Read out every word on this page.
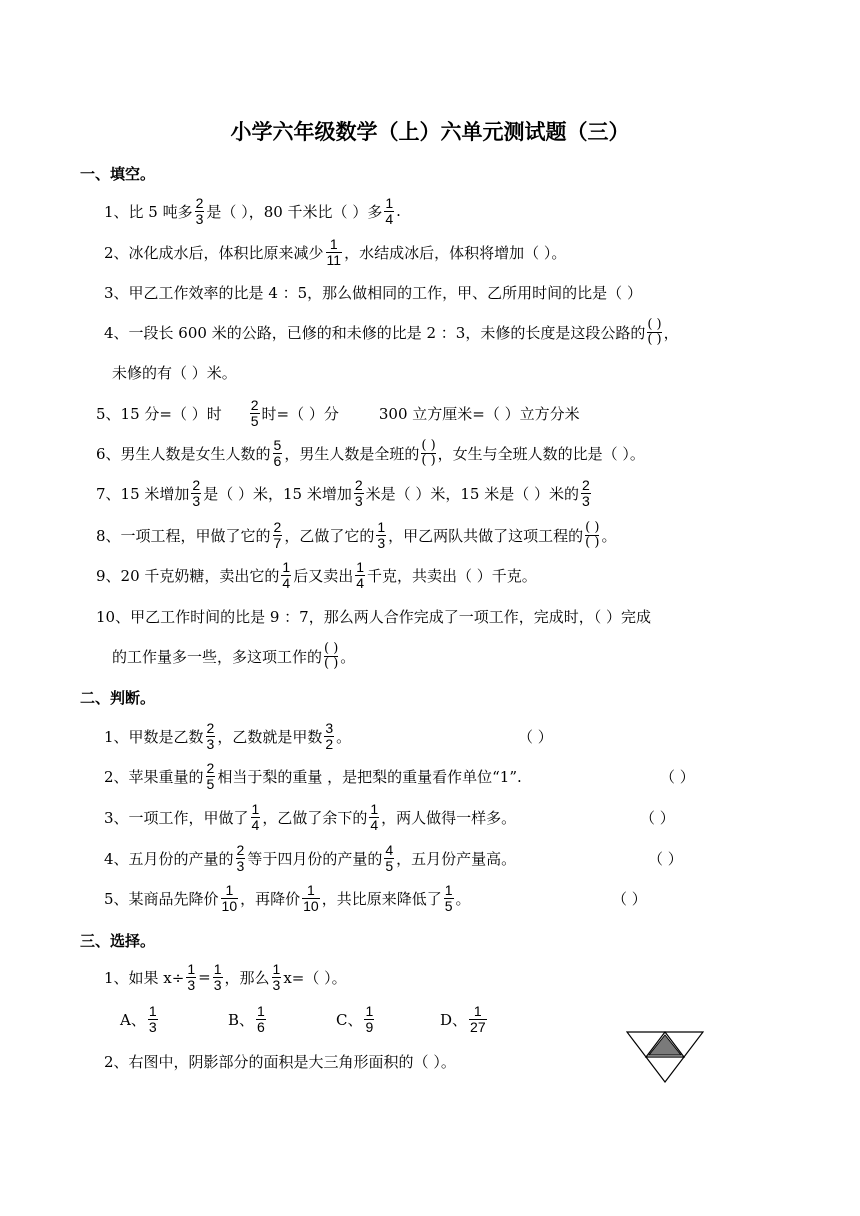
小学六年级数学（上）六单元测试题（三）
一、填空。
1、比 5 吨多 $\frac{2}{3}$ 是（ ），80 千米比（ ）多 $\frac{1}{4}$ .
2、冰化成水后，体积比原来减少 $\frac{1}{11}$ ，水结成冰后，体积将增加（ ）。
3、甲乙工作效率的比是 4 ：5，那么做相同的工作，甲、乙所用时间的比是（ ）
4、一段长 600 米的公路，已修的和未修的比是 2 ：3，未修的长度是这段公路的 ( )
( ) ，
未修的有（ ）米。
5、15 分=（ ）时 $\frac{2}{5}$ 时=（ ）分	300 立方厘米=（ ）立方分米
6、男生人数是女生人数的 $\frac{5}{6}$ ，男生人数是全班的 ( )
( ) ，女生与全班人数的比是（ ）。
7、15 米增加 $\frac{2}{3}$ 是（ ）米，15 米增加 $\frac{2}{3}$ 米是（ ）米，15 米是（ ）米的 $\frac{2}{3}$
8、一项工程，甲做了它的 $\frac{2}{7}$ ，乙做了它的 $\frac{1}{3}$ ，甲乙两队共做了这项工程的 ( )
( ) 。
9、20 千克奶糖，卖出它的 $\frac{1}{4}$ 后又卖出 $\frac{1}{4}$ 千克，共卖出（ ）千克。
10、甲乙工作时间的比是 9 ：7，那么两人合作完成了一项工作，完成时，（ ）完成
的工作量多一些，多这项工作的 ( )
( ) 。
二、判断。
1、甲数是乙数 $\frac{2}{3}$ ，乙数就是甲数 $\frac{3}{2}$ 。	（ ）
2、苹果重量的 $\frac{2}{5}$ 相当于梨的重量 ，是把梨的重量看作单位“1”.	（ ）
3、一项工作，甲做了 $\frac{1}{4}$ ，乙做了余下的 $\frac{1}{4}$ ，两人做得一样多。	（ ）
4、五月份的产量的 $\frac{2}{3}$ 等于四月份的产量的 $\frac{4}{5}$ ，五月份产量高。	（ ）
5、某商品先降价 $\frac{1}{10}$ ，再降价 $\frac{1}{10}$ ，共比原来降低了 $\frac{1}{5}$ 。	（ ）
三、选择。
1、如果 $x\div \frac{1}{3} = \frac{1}{3}$ ，那么 $\frac{1}{3} x=$（ ）。
A、 $\frac{1}{3}$	B、 $\frac{1}{6}$	C、 $\frac{1}{9}$	D、 $\frac{1}{27}$
2、右图中，阴影部分的面积是大三角形面积的（ ）。
